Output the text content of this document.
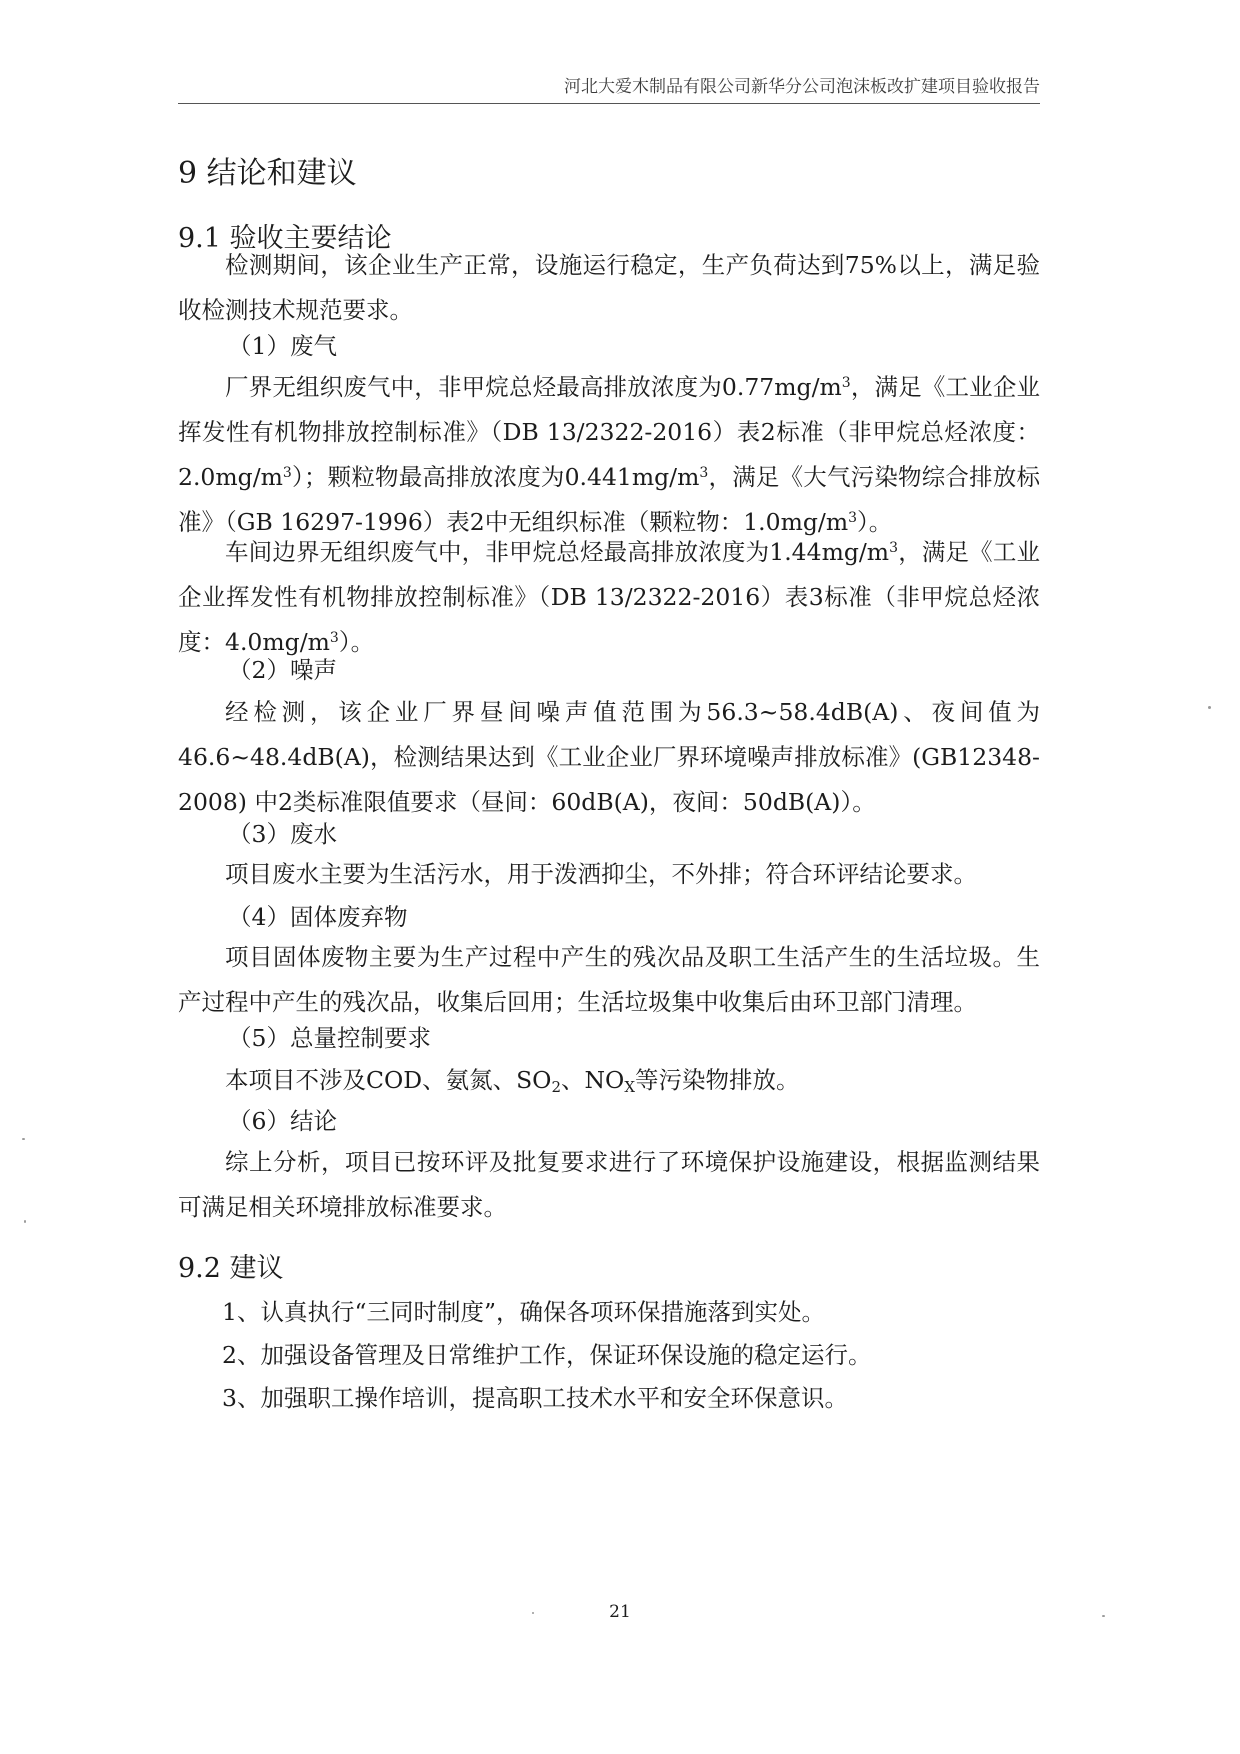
河北大爱木制品有限公司新华分公司泡沫板改扩建项目验收报告
9 结论和建议
9.1 验收主要结论
检测期间，该企业生产正常，设施运行稳定，生产负荷达到75%以上，满足验收检测技术规范要求。
（1）废气
厂界无组织废气中，非甲烷总烃最高排放浓度为$0.77mg/m^3$，满足《工业企业挥发性有机物排放控制标准》（DB 13/2322-2016）表2标准（非甲烷总烃浓度：$2.0mg/m^3$）；颗粒物最高排放浓度为$0.441mg/m^3$，满足《大气污染物综合排放标准》（GB 16297-1996）表2中无组织标准（颗粒物：$1.0mg/m^3$）。
车间边界无组织废气中，非甲烷总烃最高排放浓度为$1.44mg/m^3$，满足《工业企业挥发性有机物排放控制标准》（DB 13/2322-2016）表3标准（非甲烷总烃浓度：$4.0mg/m^3$）。
（2）噪声
经检测，该企业厂界昼间噪声值范围为56.3~58.4dB(A)、夜间值为46.6~48.4dB(A)，检测结果达到《工业企业厂界环境噪声排放标准》(GB12348-2008) 中2类标准限值要求（昼间：60dB(A)，夜间：50dB(A)）。
（3）废水
项目废水主要为生活污水，用于泼洒抑尘，不外排；符合环评结论要求。
（4）固体废弃物
项目固体废物主要为生产过程中产生的残次品及职工生活产生的生活垃圾。生产过程中产生的残次品，收集后回用；生活垃圾集中收集后由环卫部门清理。
（5）总量控制要求
本项目不涉及COD、氨氮、$SO_2$、$NO_X$等污染物排放。
（6）结论
综上分析，项目已按环评及批复要求进行了环境保护设施建设，根据监测结果可满足相关环境排放标准要求。
9.2 建议
1、认真执行“三同时制度”，确保各项环保措施落到实处。
2、加强设备管理及日常维护工作，保证环保设施的稳定运行。
3、加强职工操作培训，提高职工技术水平和安全环保意识。
21
